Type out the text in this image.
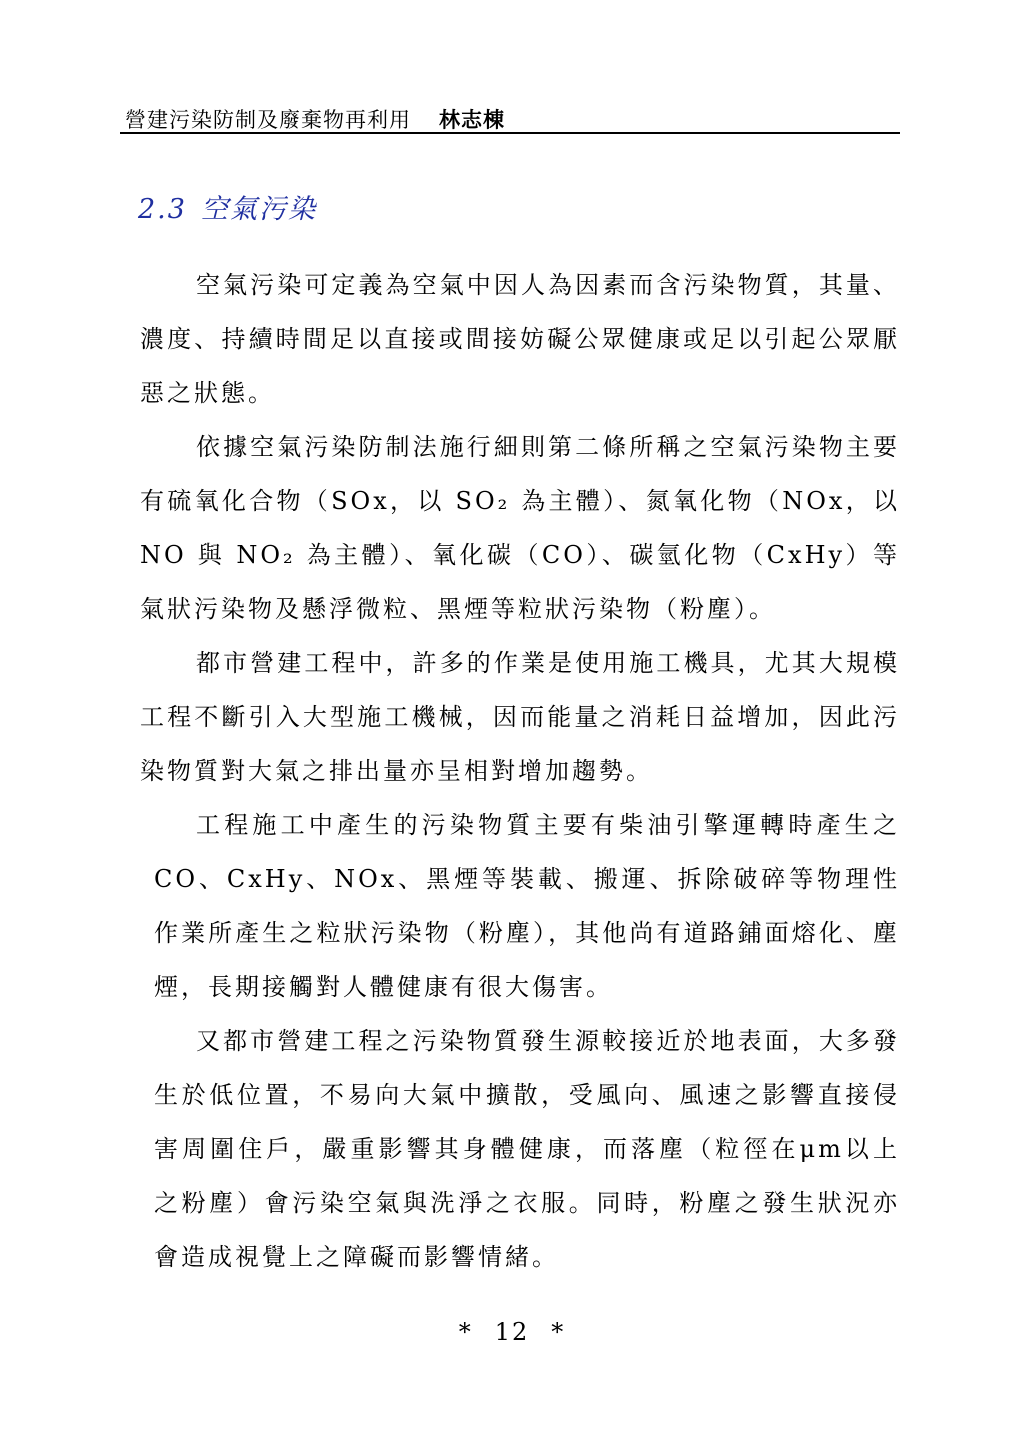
營建污染防制及廢棄物再利用 林志棟
2.3 空氣污染

空氣污染可定義為空氣中因人為因素而含污染物質，其量、濃度、持續時間足以直接或間接妨礙公眾健康或足以引起公眾厭惡之狀態。

依據空氣污染防制法施行細則第二條所稱之空氣污染物主要有硫氧化合物（SOx，以 SO₂ 為主體）、氮氧化物（NOx，以 NO 與 NO₂ 為主體）、氧化碳（CO）、碳氫化物（CxHy）等氣狀污染物及懸浮微粒、黑煙等粒狀污染物（粉塵）。

都市營建工程中，許多的作業是使用施工機具，尤其大規模工程不斷引入大型施工機械，因而能量之消耗日益增加，因此污染物質對大氣之排出量亦呈相對增加趨勢。

工程施工中產生的污染物質主要有柴油引擎運轉時產生之 CO、CxHy、NOx、黑煙等裝載、搬運、拆除破碎等物理性作業所產生之粒狀污染物（粉塵），其他尚有道路鋪面熔化、塵煙，長期接觸對人體健康有很大傷害。

又都市營建工程之污染物質發生源較接近於地表面，大多發生於低位置，不易向大氣中擴散，受風向、風速之影響直接侵害周圍住戶，嚴重影響其身體健康，而落塵（粒徑在μm以上之粉塵）會污染空氣與洗淨之衣服。同時，粉塵之發生狀況亦會造成視覺上之障礙而影響情緒。

* 12 *
